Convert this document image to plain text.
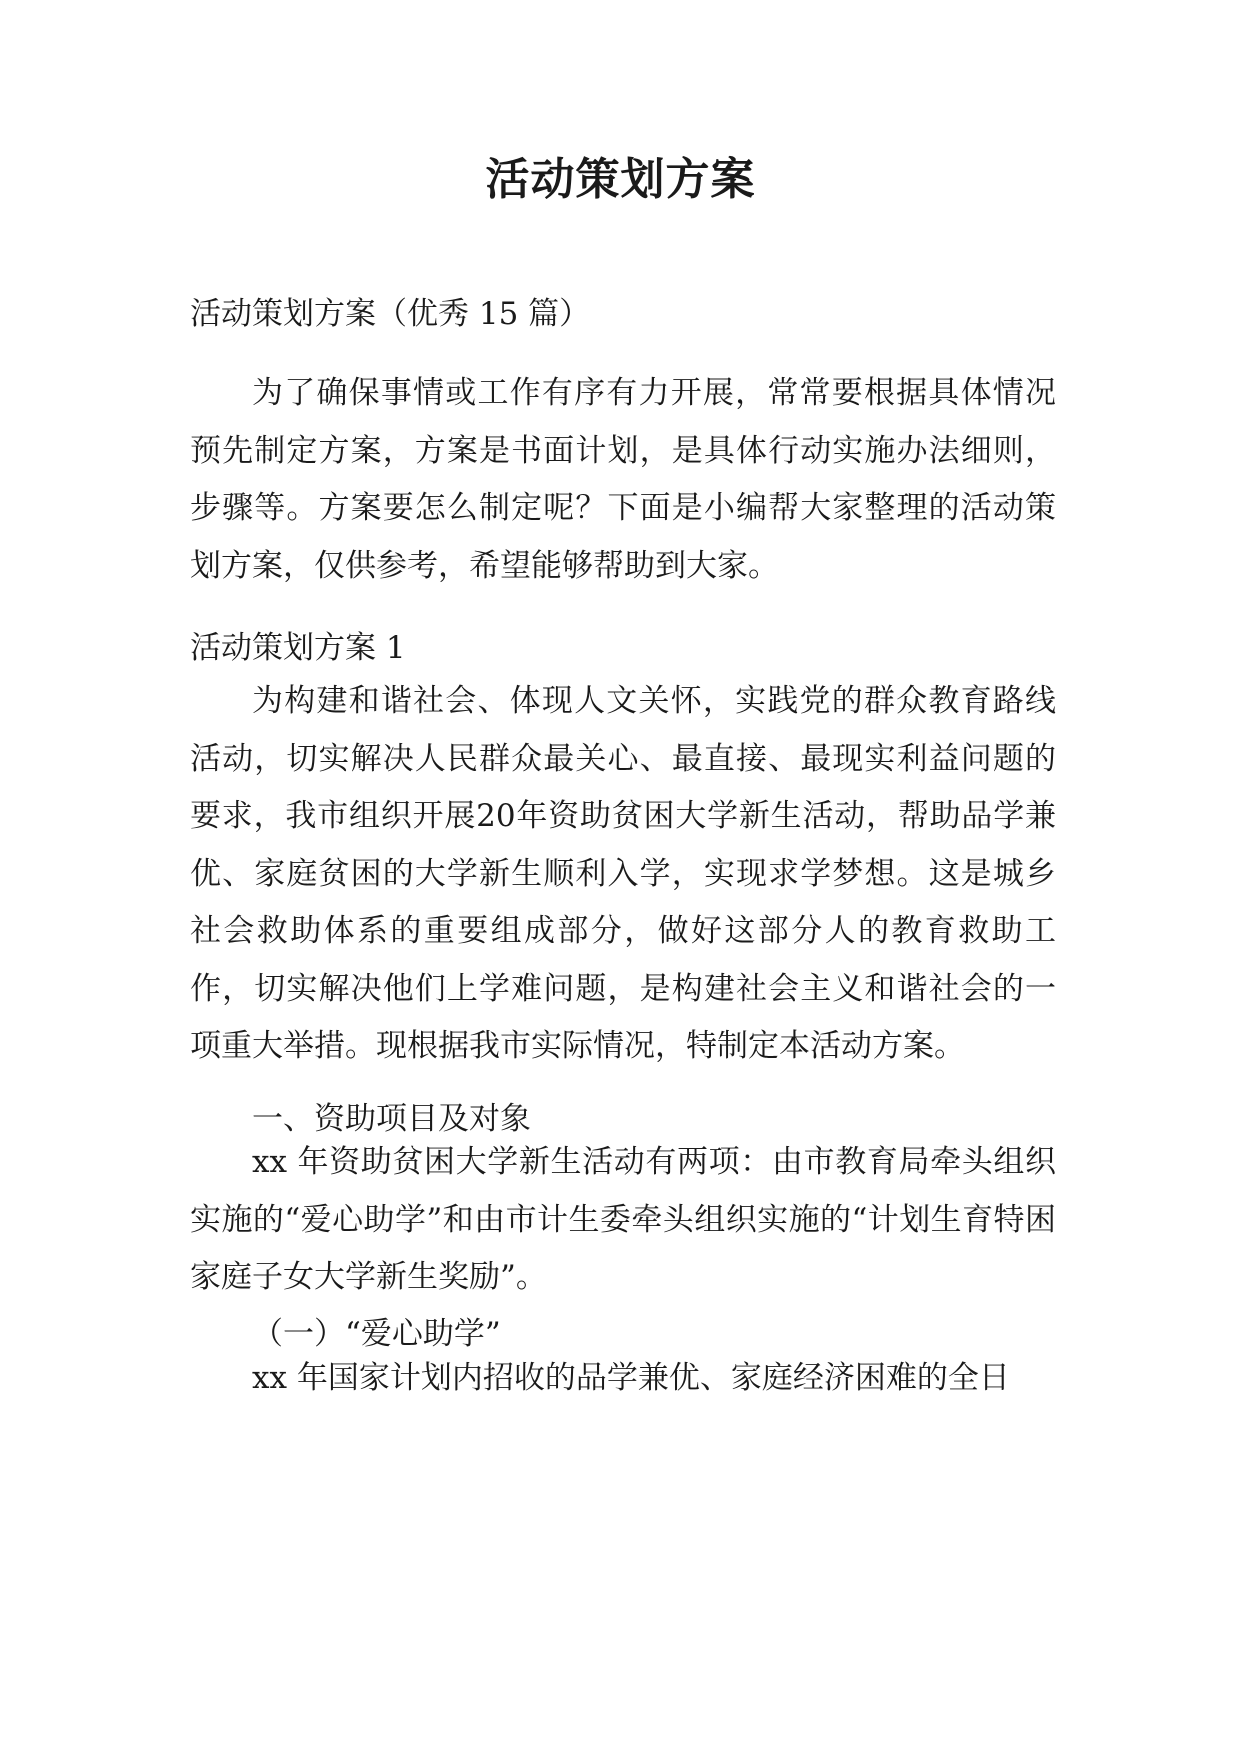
活动策划方案
活动策划方案（优秀 15 篇）

为了确保事情或工作有序有力开展，常常要根据具体情况预先制定方案，方案是书面计划，是具体行动实施办法细则，步骤等。方案要怎么制定呢？下面是小编帮大家整理的活动策划方案，仅供参考，希望能够帮助到大家。

活动策划方案 1

为构建和谐社会、体现人文关怀，实践党的群众教育路线活动，切实解决人民群众最关心、最直接、最现实利益问题的要求，我市组织开展20年资助贫困大学新生活动，帮助品学兼优、家庭贫困的大学新生顺利入学，实现求学梦想。这是城乡社会救助体系的重要组成部分，做好这部分人的教育救助工作，切实解决他们上学难问题，是构建社会主义和谐社会的一项重大举措。现根据我市实际情况，特制定本活动方案。

一、资助项目及对象

xx 年资助贫困大学新生活动有两项：由市教育局牵头组织实施的“爱心助学”和由市计生委牵头组织实施的“计划生育特困家庭子女大学新生奖励”。

（一）“爱心助学”

xx 年国家计划内招收的品学兼优、家庭经济困难的全日
